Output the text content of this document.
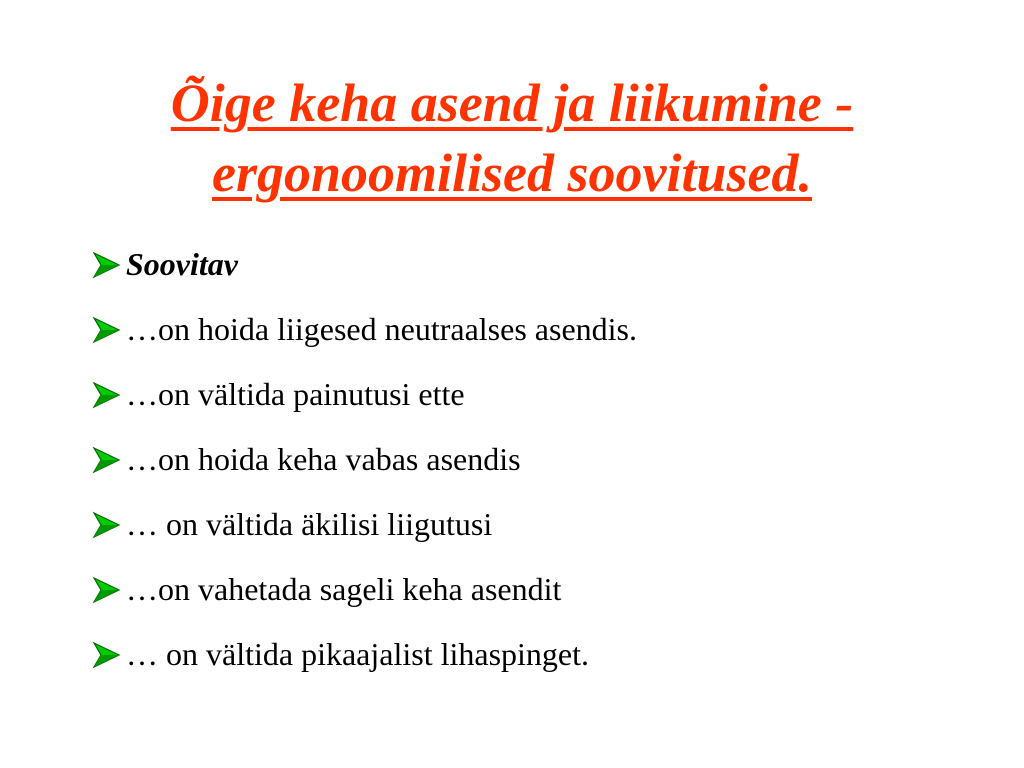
Õige keha asend ja liikumine -
ergonoomilised soovitused.
Soovitav
…on hoida liigesed neutraalses asendis.
…on vältida painutusi ette
…on hoida keha vabas asendis
… on vältida äkilisi liigutusi
…on vahetada sageli keha asendit
… on vältida pikaajalist lihaspinget.
